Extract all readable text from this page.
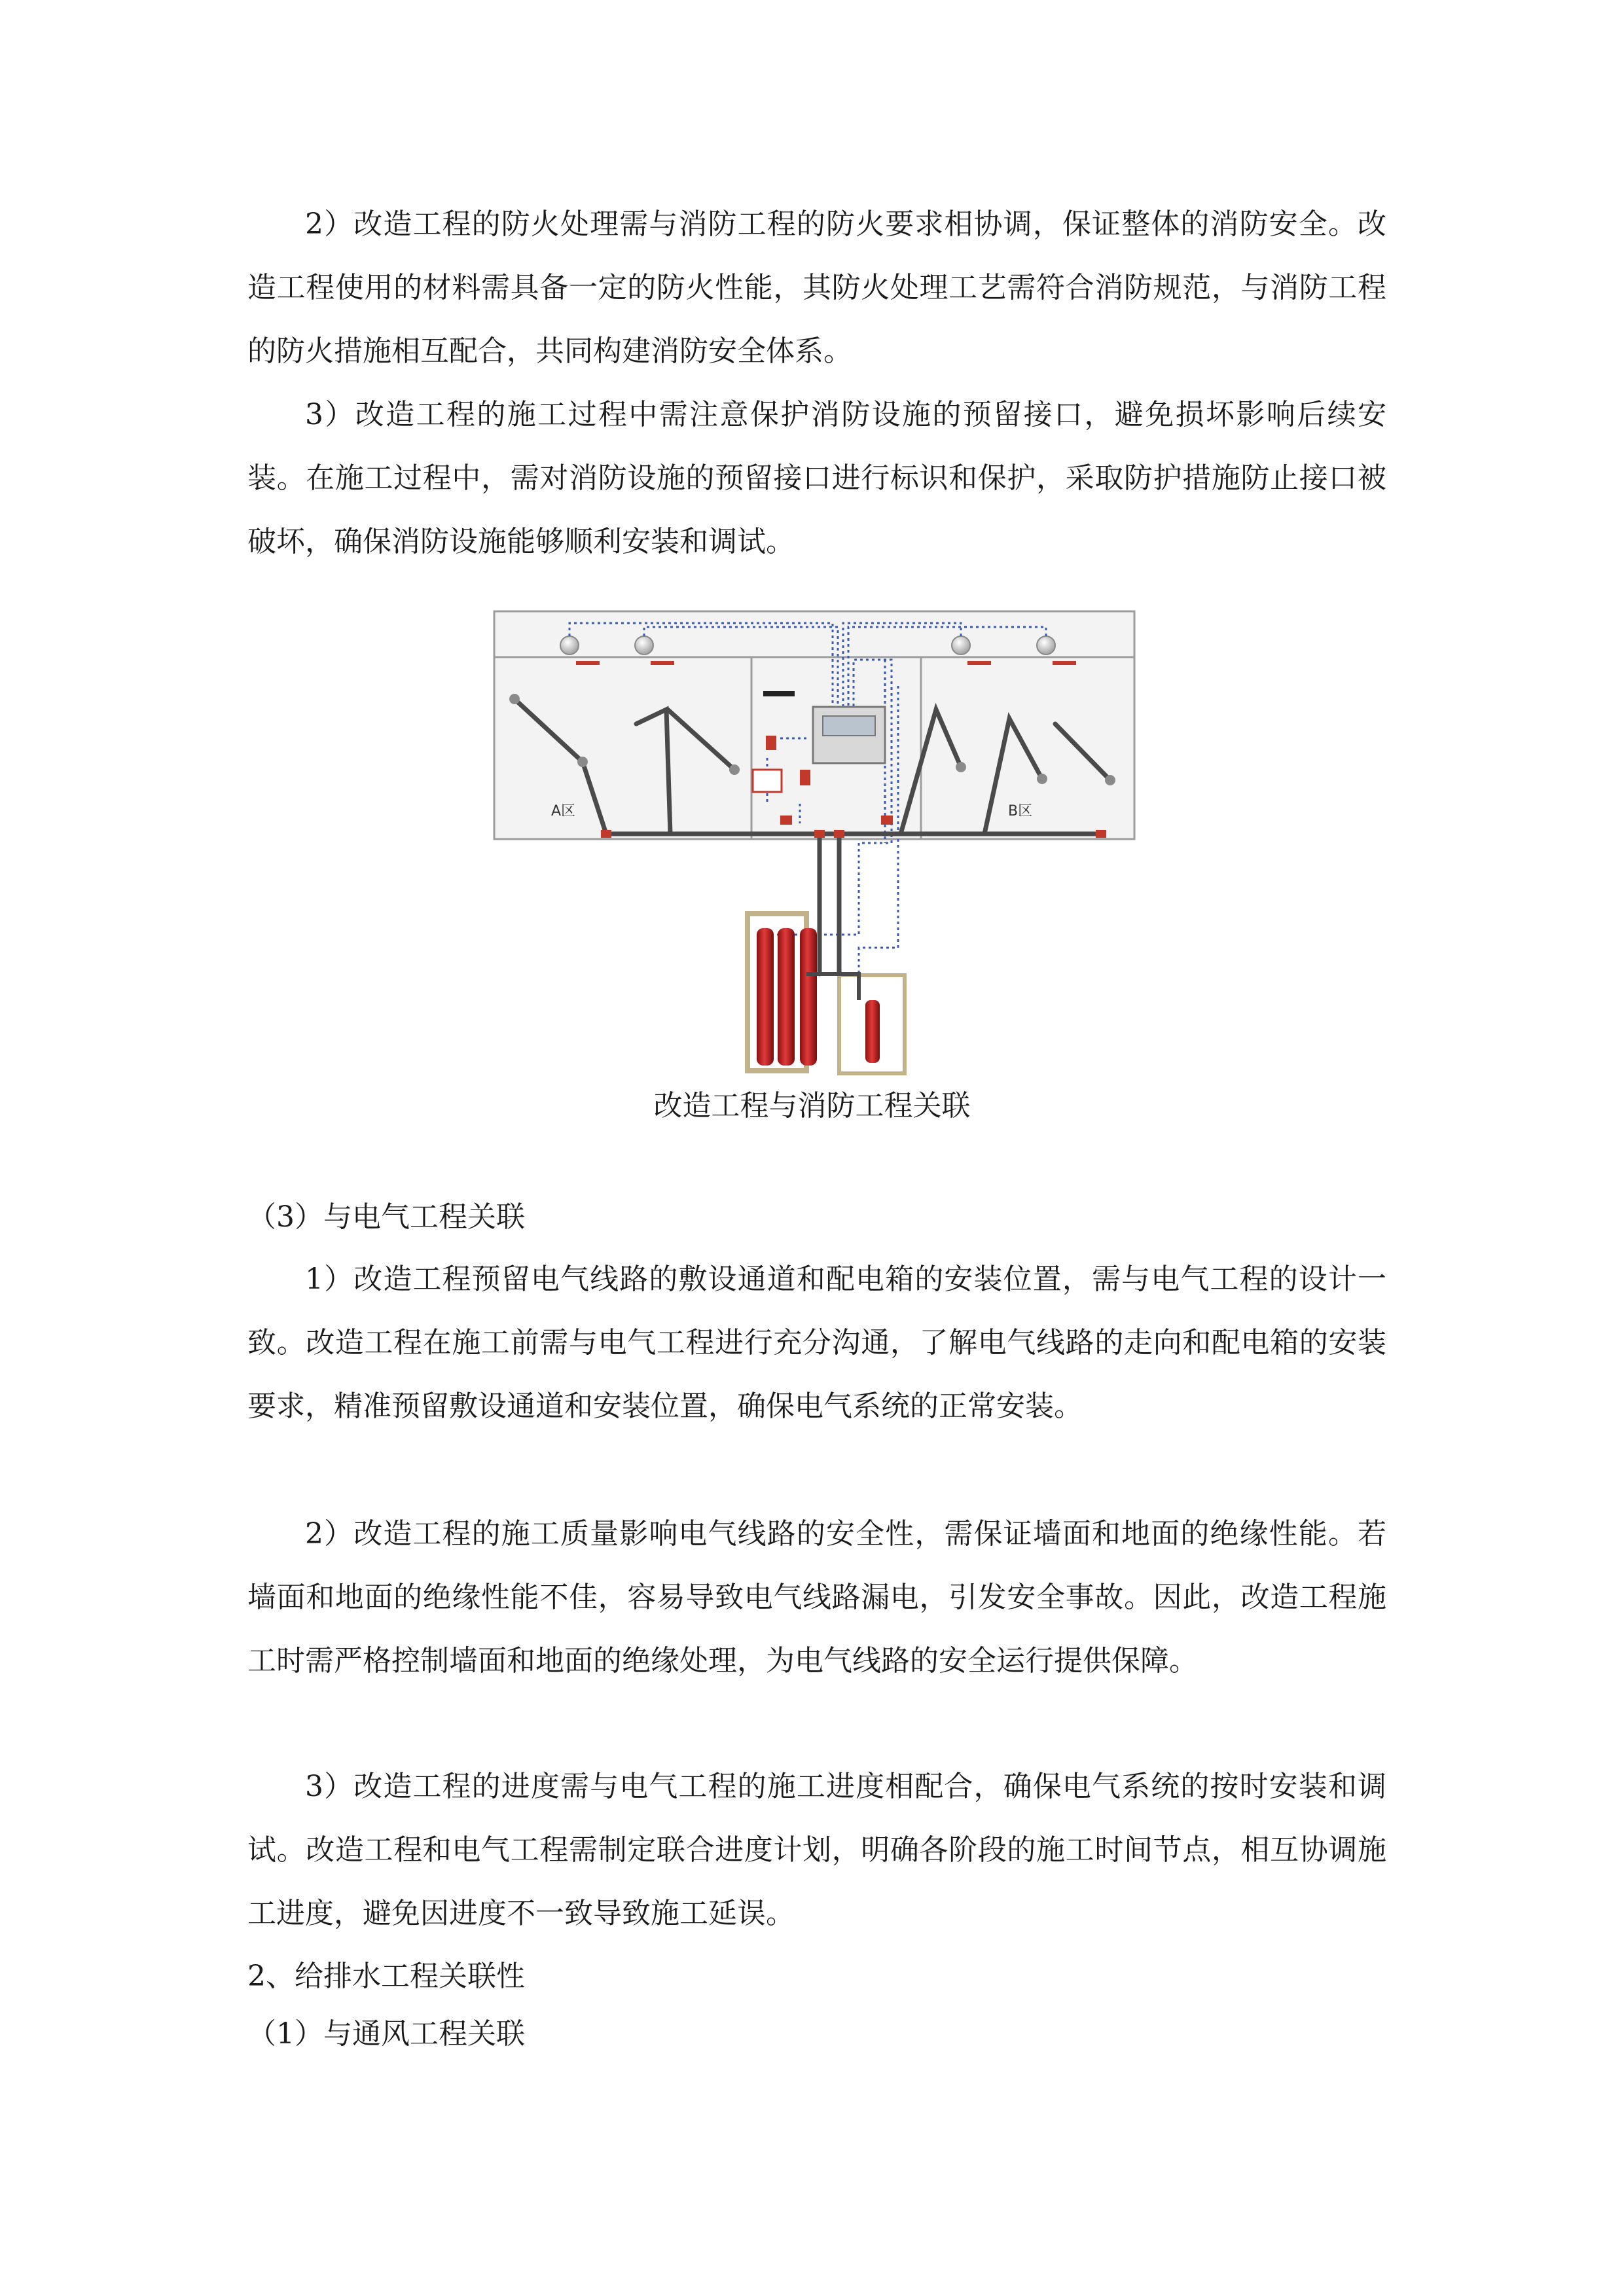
2）改造工程的防火处理需与消防工程的防火要求相协调，保证整体的消防安全。改造工程使用的材料需具备一定的防火性能，其防火处理工艺需符合消防规范，与消防工程的防火措施相互配合，共同构建消防安全体系。

3）改造工程的施工过程中需注意保护消防设施的预留接口，避免损坏影响后续安装。在施工过程中，需对消防设施的预留接口进行标识和保护，采取防护措施防止接口被破坏，确保消防设施能够顺利安装和调试。

A区	B区
改造工程与消防工程关联

（3）与电气工程关联

1）改造工程预留电气线路的敷设通道和配电箱的安装位置，需与电气工程的设计一致。改造工程在施工前需与电气工程进行充分沟通，了解电气线路的走向和配电箱的安装要求，精准预留敷设通道和安装位置，确保电气系统的正常安装。

2）改造工程的施工质量影响电气线路的安全性，需保证墙面和地面的绝缘性能。若墙面和地面的绝缘性能不佳，容易导致电气线路漏电，引发安全事故。因此，改造工程施工时需严格控制墙面和地面的绝缘处理，为电气线路的安全运行提供保障。

3）改造工程的进度需与电气工程的施工进度相配合，确保电气系统的按时安装和调试。改造工程和电气工程需制定联合进度计划，明确各阶段的施工时间节点，相互协调施工进度，避免因进度不一致导致施工延误。

2、给排水工程关联性

（1）与通风工程关联
